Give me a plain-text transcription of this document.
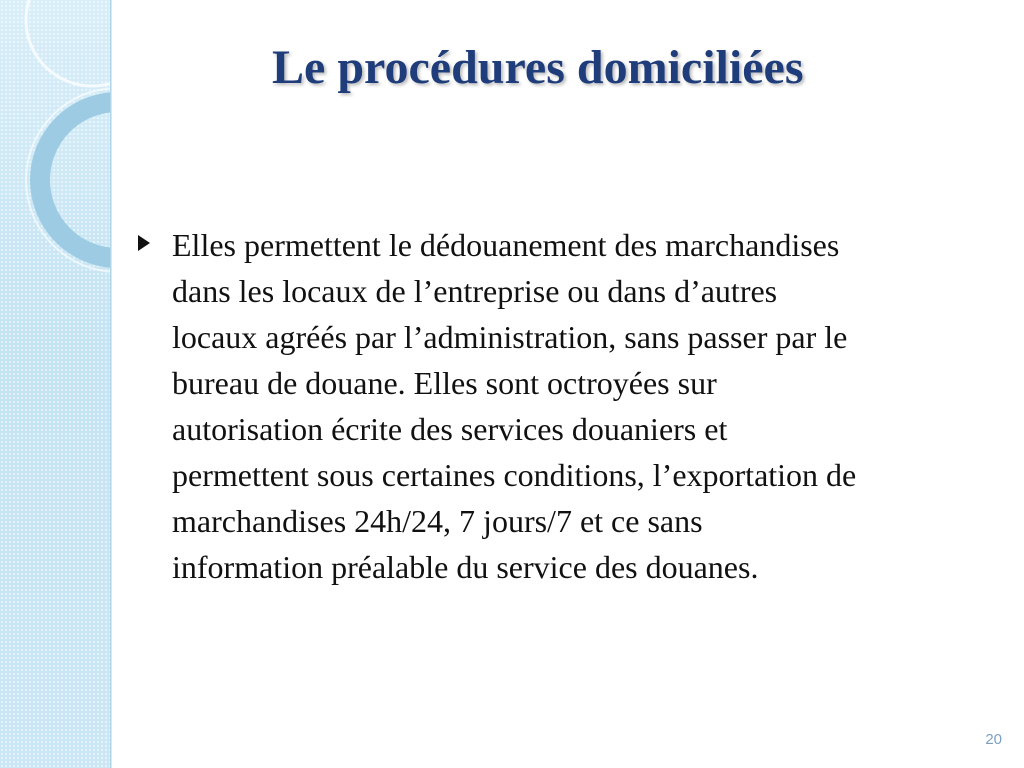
Le procédures domiciliées
Elles permettent le dédouanement des marchandises
dans les locaux de l’entreprise ou dans d’autres
locaux agréés par l’administration, sans passer par le
bureau de douane. Elles sont octroyées sur
autorisation écrite des services douaniers et
permettent sous certaines conditions, l’exportation de
marchandises 24h/24, 7 jours/7 et ce sans
information préalable du service des douanes.
20
